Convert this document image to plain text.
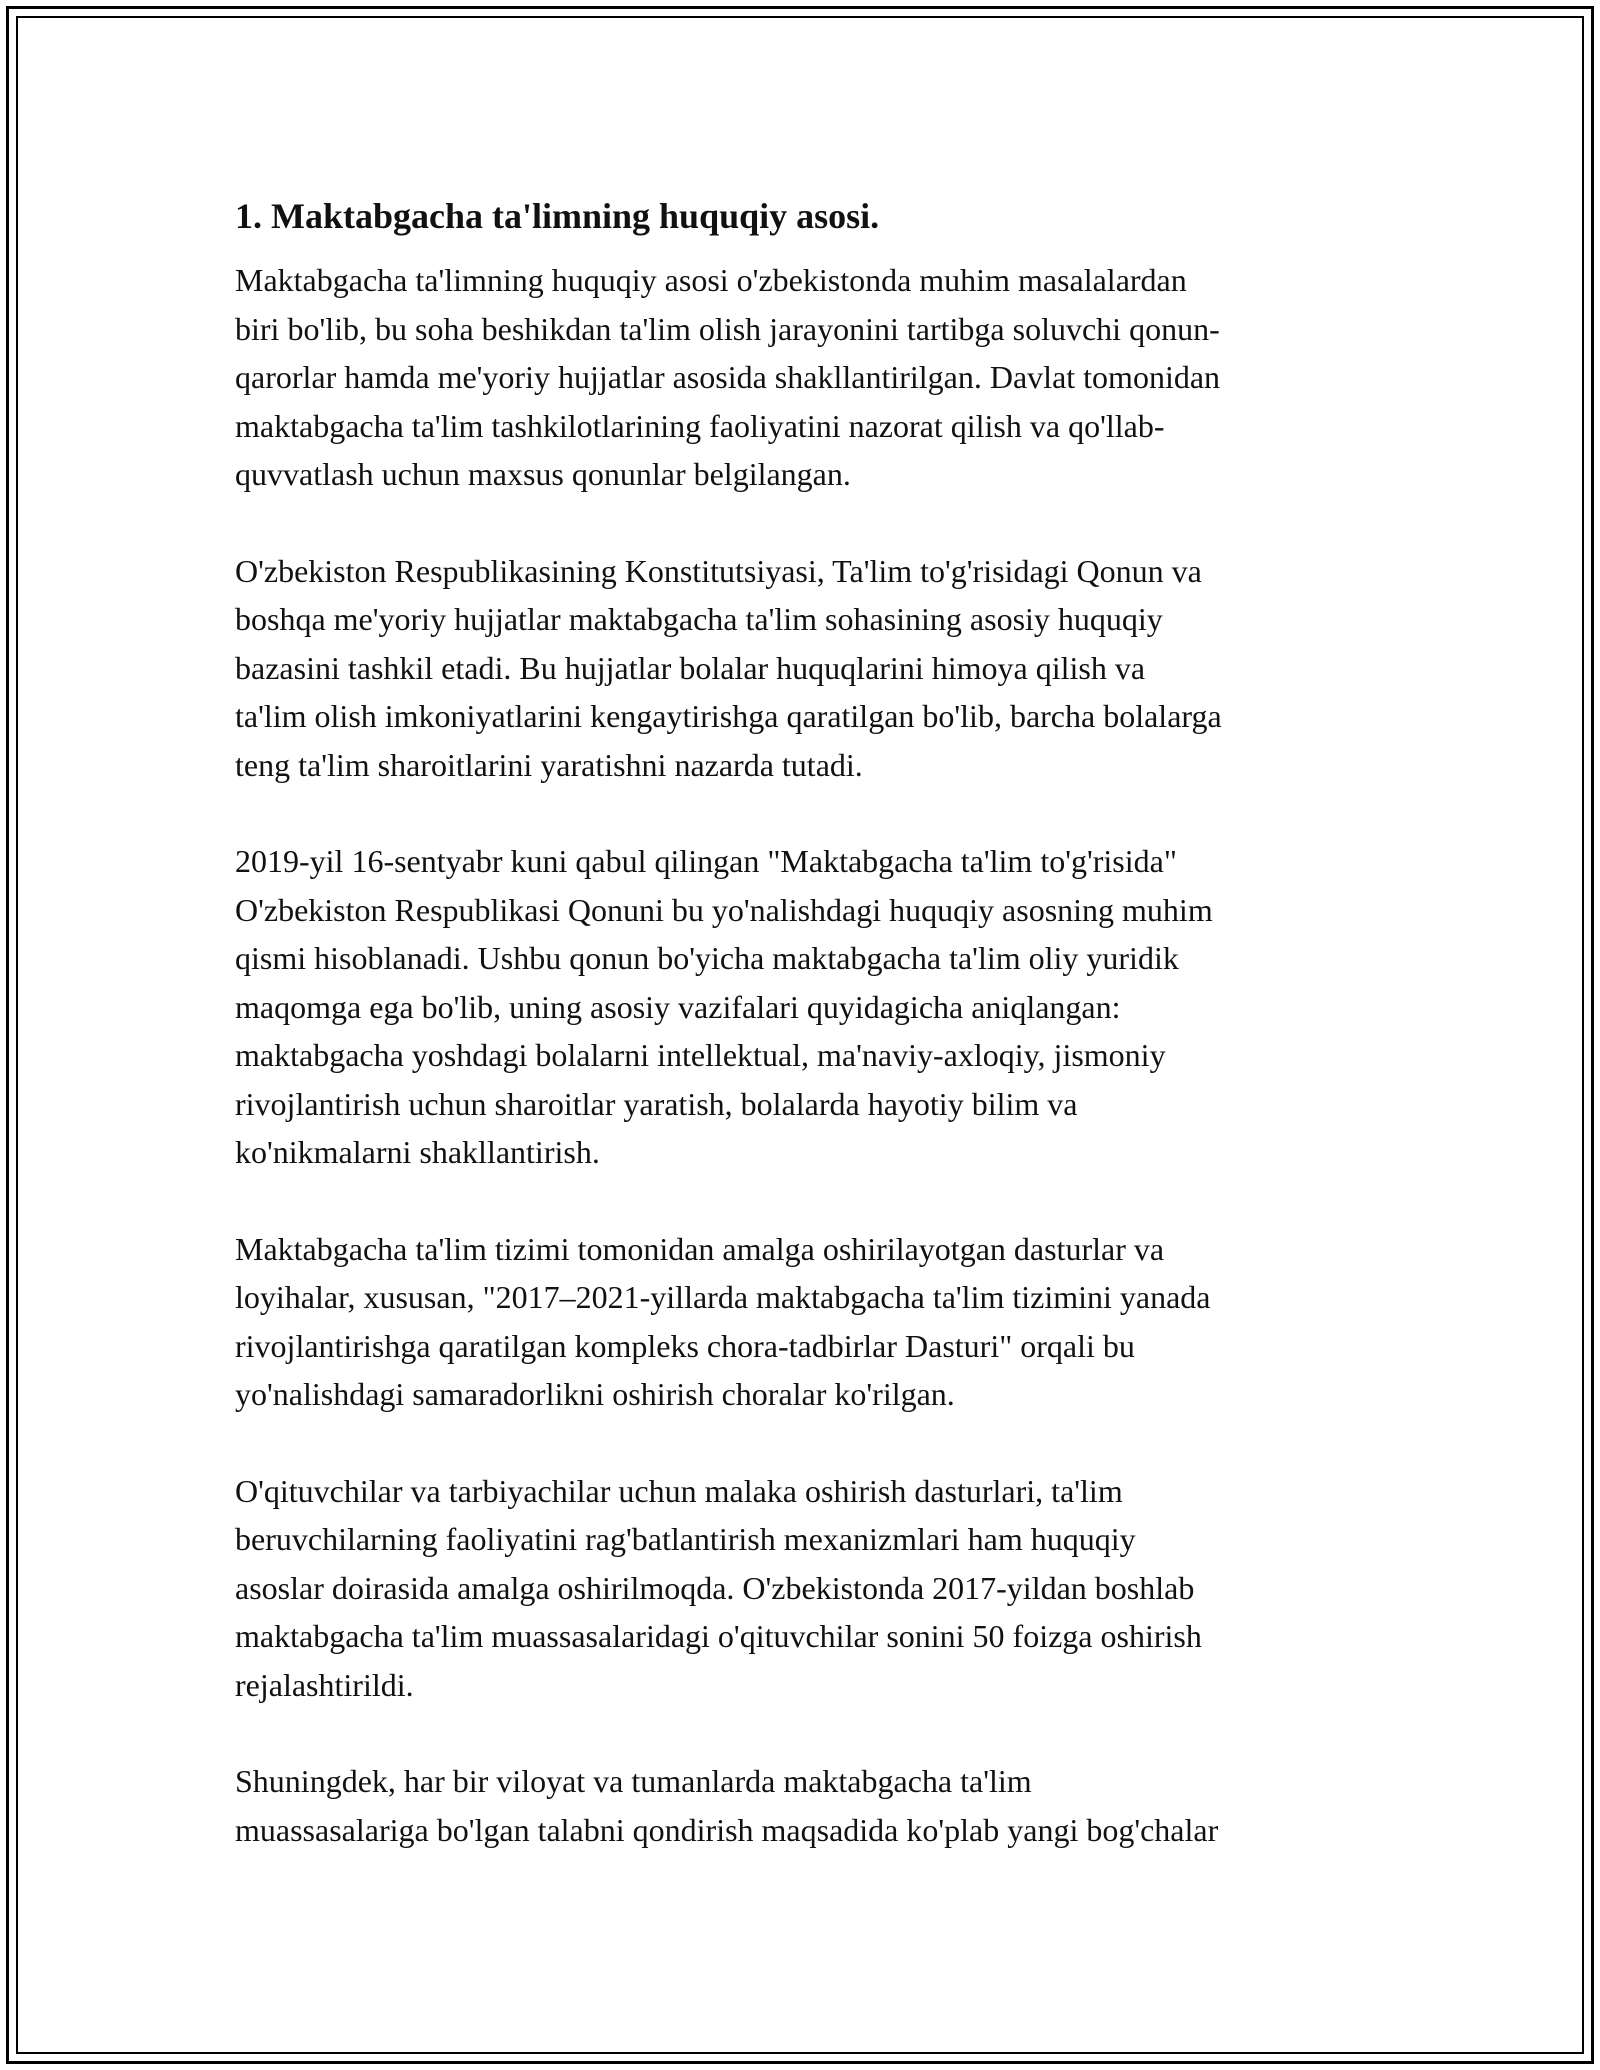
1. Maktabgacha ta'limning huquqiy asosi.
Maktabgacha ta'limning huquqiy asosi o'zbekistonda muhim masalalardan
biri bo'lib, bu soha beshikdan ta'lim olish jarayonini tartibga soluvchi qonun-
qarorlar hamda me'yoriy hujjatlar asosida shakllantirilgan. Davlat tomonidan
maktabgacha ta'lim tashkilotlarining faoliyatini nazorat qilish va qo'llab-
quvvatlash uchun maxsus qonunlar belgilangan.
O'zbekiston Respublikasining Konstitutsiyasi, Ta'lim to'g'risidagi Qonun va
boshqa me'yoriy hujjatlar maktabgacha ta'lim sohasining asosiy huquqiy
bazasini tashkil etadi. Bu hujjatlar bolalar huquqlarini himoya qilish va
ta'lim olish imkoniyatlarini kengaytirishga qaratilgan bo'lib, barcha bolalarga
teng ta'lim sharoitlarini yaratishni nazarda tutadi.
2019-yil 16-sentyabr kuni qabul qilingan "Maktabgacha ta'lim to'g'risida"
O'zbekiston Respublikasi Qonuni bu yo'nalishdagi huquqiy asosning muhim
qismi hisoblanadi. Ushbu qonun bo'yicha maktabgacha ta'lim oliy yuridik
maqomga ega bo'lib, uning asosiy vazifalari quyidagicha aniqlangan:
maktabgacha yoshdagi bolalarni intellektual, ma'naviy-axloqiy, jismoniy
rivojlantirish uchun sharoitlar yaratish, bolalarda hayotiy bilim va
ko'nikmalarni shakllantirish.
Maktabgacha ta'lim tizimi tomonidan amalga oshirilayotgan dasturlar va
loyihalar, xususan, "2017–2021-yillarda maktabgacha ta'lim tizimini yanada
rivojlantirishga qaratilgan kompleks chora-tadbirlar Dasturi" orqali bu
yo'nalishdagi samaradorlikni oshirish choralar ko'rilgan.
O'qituvchilar va tarbiyachilar uchun malaka oshirish dasturlari, ta'lim
beruvchilarning faoliyatini rag'batlantirish mexanizmlari ham huquqiy
asoslar doirasida amalga oshirilmoqda. O'zbekistonda 2017-yildan boshlab
maktabgacha ta'lim muassasalaridagi o'qituvchilar sonini 50 foizga oshirish
rejalashtirildi.
Shuningdek, har bir viloyat va tumanlarda maktabgacha ta'lim
muassasalariga bo'lgan talabni qondirish maqsadida ko'plab yangi bog'chalar
